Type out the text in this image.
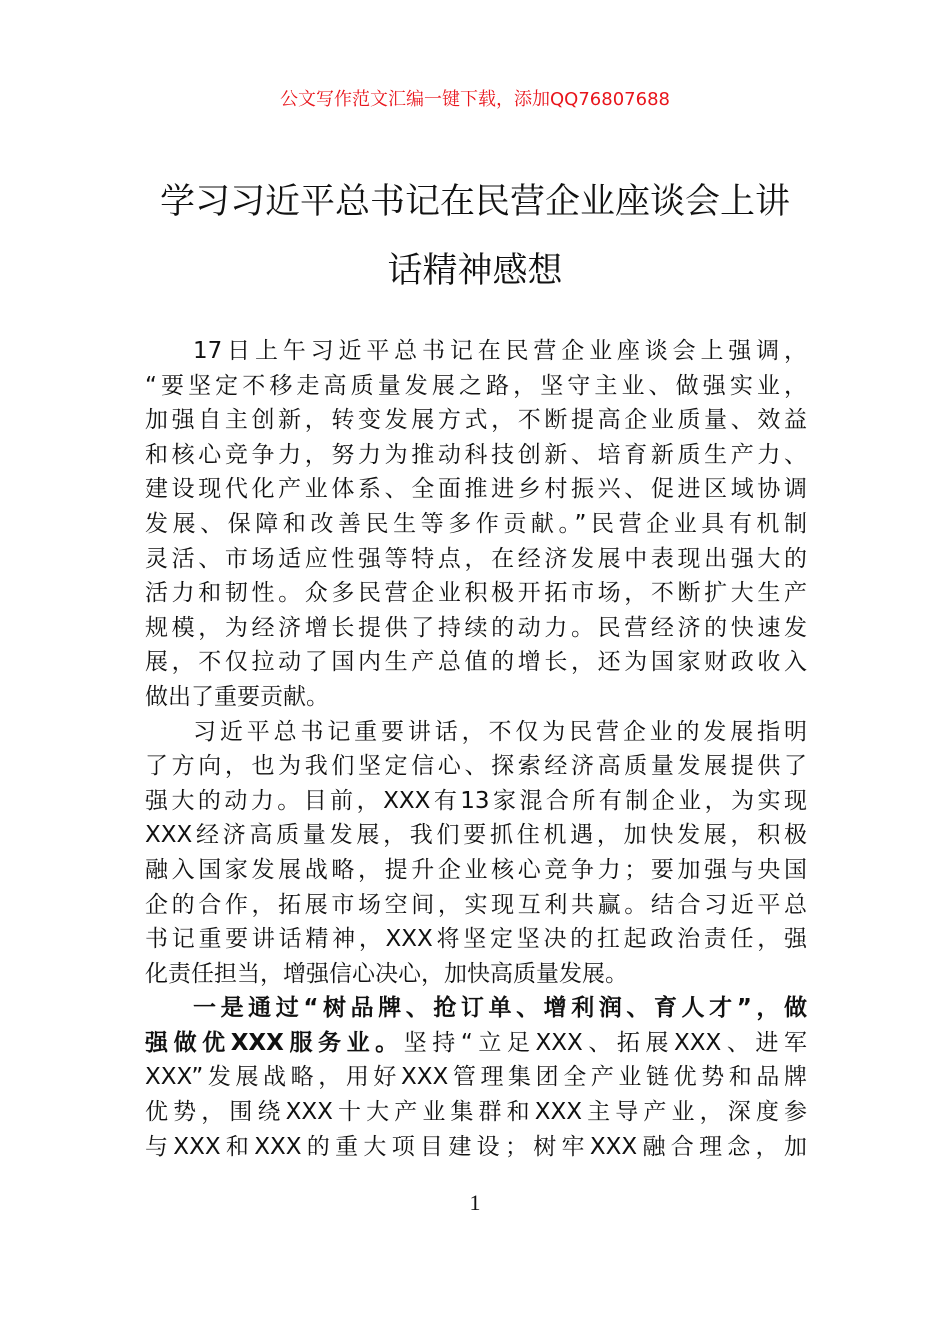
公文写作范文汇编一键下载，添加QQ76807688
学习习近平总书记在民营企业座谈会上讲
话精神感想
17日上午习近平总书记在民营企业座谈会上强调，
“要坚定不移走高质量发展之路，坚守主业、做强实业，
加强自主创新，转变发展方式，不断提高企业质量、效益
和核心竞争力，努力为推动科技创新、培育新质生产力、
建设现代化产业体系、全面推进乡村振兴、促进区域协调
发展、保障和改善民生等多作贡献。”民营企业具有机制
灵活、市场适应性强等特点，在经济发展中表现出强大的
活力和韧性。众多民营企业积极开拓市场，不断扩大生产
规模，为经济增长提供了持续的动力。民营经济的快速发
展，不仅拉动了国内生产总值的增长，还为国家财政收入
做出了重要贡献。
习近平总书记重要讲话，不仅为民营企业的发展指明
了方向，也为我们坚定信心、探索经济高质量发展提供了
强大的动力。目前，XXX有13家混合所有制企业，为实现
XXX经济高质量发展，我们要抓住机遇，加快发展，积极
融入国家发展战略，提升企业核心竞争力；要加强与央国
企的合作，拓展市场空间，实现互利共赢。结合习近平总
书记重要讲话精神，XXX将坚定坚决的扛起政治责任，强
化责任担当，增强信心决心，加快高质量发展。
一是通过“树品牌、抢订单、增利润、育人才”，做
强做优XXX服务业。坚持“立足XXX、拓展XXX、进军
XXX”发展战略，用好XXX管理集团全产业链优势和品牌
优势，围绕XXX十大产业集群和XXX主导产业，深度参
与XXX和XXX的重大项目建设；树牢XXX融合理念，加
1
